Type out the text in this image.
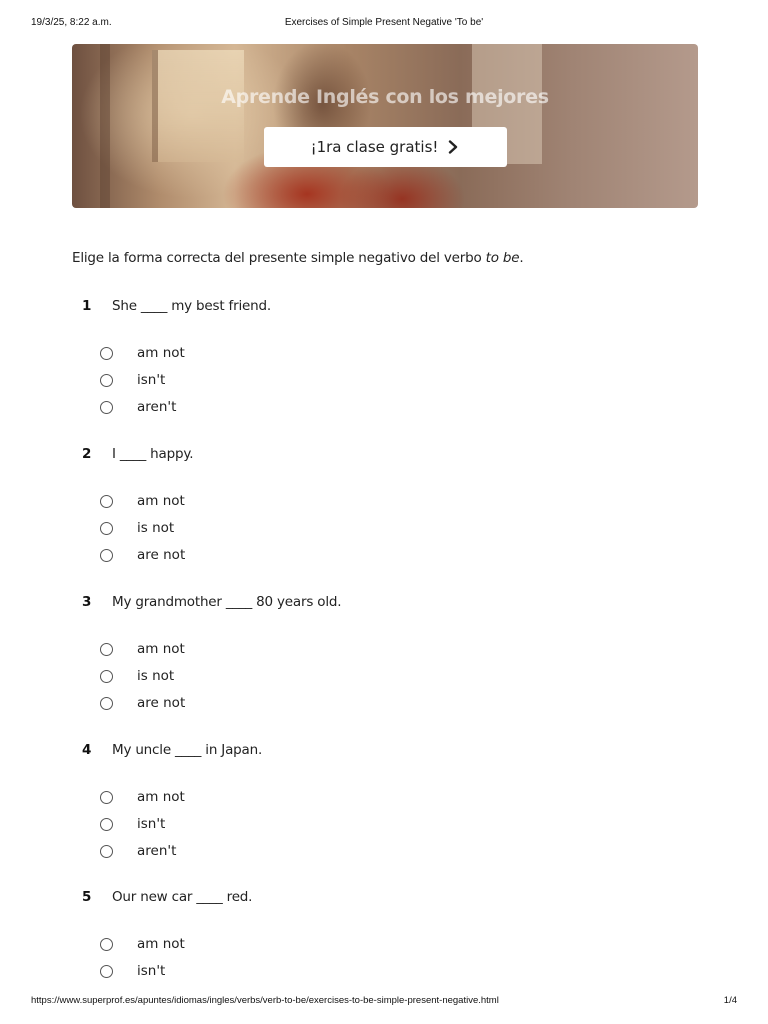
19/3/25, 8:22 a.m.	Exercises of Simple Present Negative 'To be'
Aprende Inglés con los mejores
¡1ra clase gratis!
Elige la forma correcta del presente simple negativo del verbo to be.
1 She ____ my best friend.
am not
isn't
aren't
2 I ____ happy.
am not
is not
are not
3 My grandmother ____ 80 years old.
am not
is not
are not
4 My uncle ____ in Japan.
am not
isn't
aren't
5 Our new car ____ red.
am not
isn't
https://www.superprof.es/apuntes/idiomas/ingles/verbs/verb-to-be/exercises-to-be-simple-present-negative.html	1/4
